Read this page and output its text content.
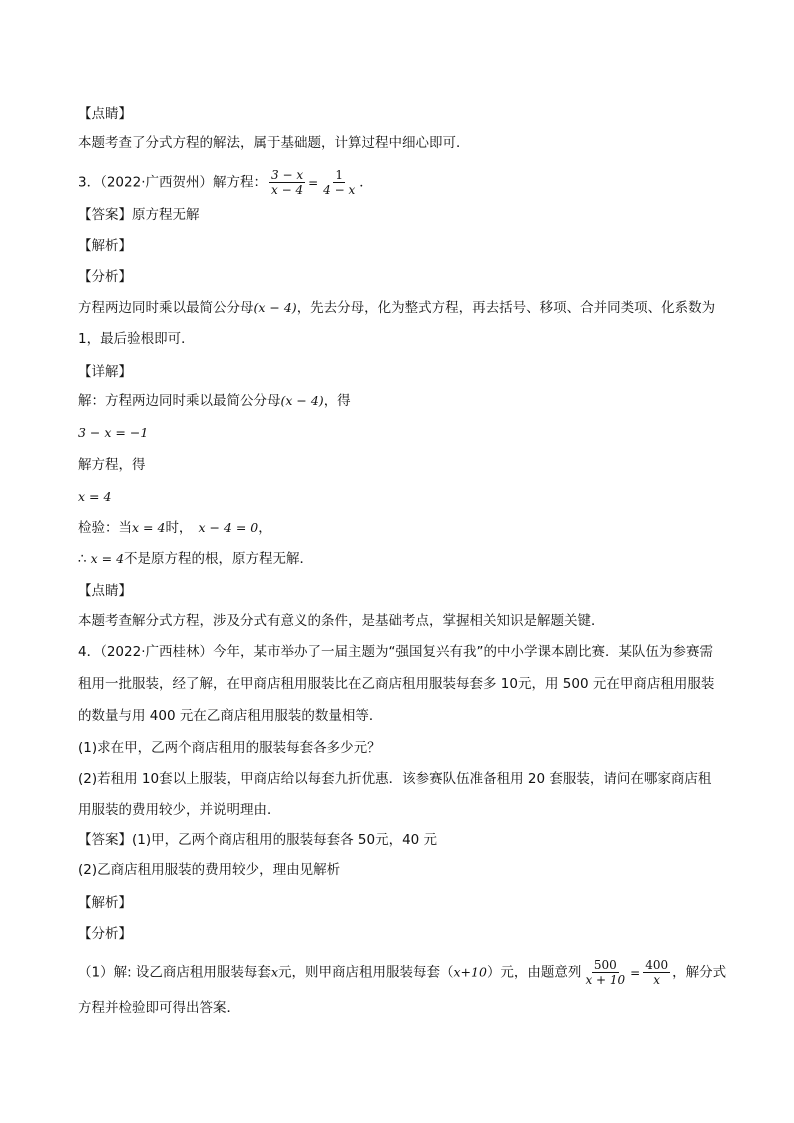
【点睛】
本题考查了分式方程的解法，属于基础题，计算过程中细心即可．
3．（2022·广西贺州）解方程： $\frac{3 - x}{x - 4} = \frac{1}{4 - x}$ ．
【答案】原方程无解
【解析】
【分析】
方程两边同时乘以最简公分母(x − 4)，先去分母，化为整式方程，再去括号、移项、合并同类项、化系数为
1，最后验根即可．
【详解】
解：方程两边同时乘以最简公分母(x − 4)，得
3 − x = −1
解方程，得
x = 4
检验：当x = 4时， x − 4 = 0，
∴ x = 4不是原方程的根，原方程无解．
【点睛】
本题考查解分式方程，涉及分式有意义的条件，是基础考点，掌握相关知识是解题关键．
4．（2022·广西桂林）今年，某市举办了一届主题为“强国复兴有我”的中小学课本剧比赛．某队伍为参赛需
租用一批服装，经了解，在甲商店租用服装比在乙商店租用服装每套多 10元，用 500 元在甲商店租用服装
的数量与用 400 元在乙商店租用服装的数量相等．
(1)求在甲，乙两个商店租用的服装每套各多少元？
(2)若租用 10套以上服装，甲商店给以每套九折优惠．该参赛队伍准备租用 20 套服装，请问在哪家商店租
用服装的费用较少，并说明理由．
【答案】(1)甲，乙两个商店租用的服装每套各 50元，40 元
(2)乙商店租用服装的费用较少，理由见解析
【解析】
【分析】
（1）解: 设乙商店租用服装每套x元，则甲商店租用服装每套（x+10）元，由题意列 $\frac{500}{x + 10} = \frac{400}{x}$ ，解分式
方程并检验即可得出答案．
